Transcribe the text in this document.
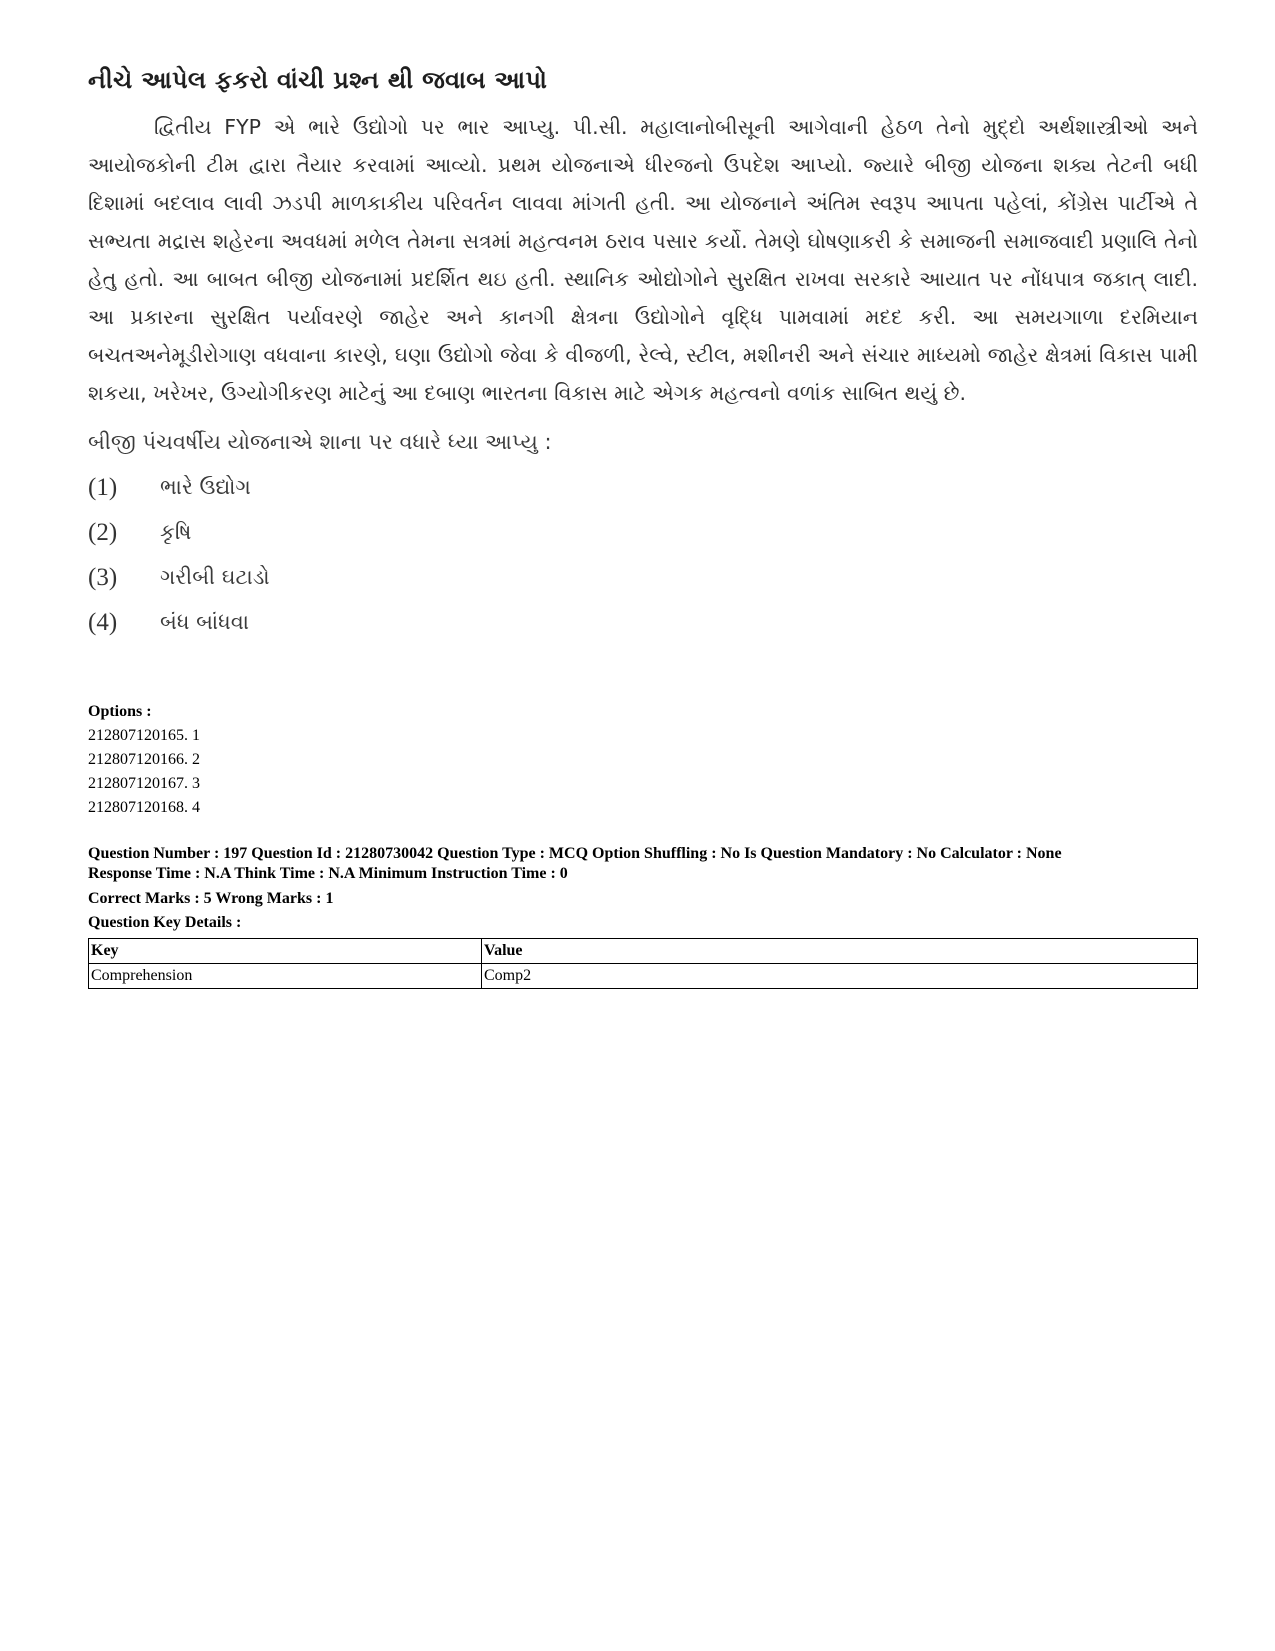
નીચે આપેલ ફકરો વાંચી પ્રશ્ન થી જવાબ આપો

દ્વિતીય FYP એ ભારે ઉદ્યોગો પર ભાર આપ્યુ. પી.સી. મહાલાનોબીસૂની આગેવાની હેઠળ તેનો મુદ્દો અર્થશાસ્ત્રીઓ અને આયોજકોની ટીમ દ્વારા તૈયાર કરવામાં આવ્યો. પ્રથમ યોજનાએ ધીરજનો ઉપદેશ આપ્યો. જ્યારે બીજી યોજના શક્ય તેટની બધી દિશામાં બદલાવ લાવી ઝડપી માળકાકીય પરિવર્તન લાવવા માંગતી હતી. આ યોજનાને અંતિમ સ્વરૂપ આપતા પહેલાં, કોંગ્રેસ પાર્ટીએ તે સભ્યતા મદ્રાસ શહેરના અવધમાં મળેલ તેમના સત્રમાં મહત્વનમ ઠરાવ પસાર કર્યો. તેમણે ઘોષણાકરી કે સમાજની સમાજવાદી પ્રણાલિ તેનો હેતુ હતો. આ બાબત બીજી યોજનામાં પ્રદર્શિત થઇ હતી. સ્થાનિક ઓદ્યોગોને સુરક્ષિત રાખવા સરકારે આયાત પર નોંધપાત્ર જકાત્ લાદી. આ પ્રકારના સુરક્ષિત પર્યાવરણે જાહેર અને કાનગી ક્ષેત્રના ઉદ્યોગોને વૃદ્ધિ પામવામાં મદદ કરી. આ સમયગાળા દરમિયાન બચતઅનેમૂડીરોગાણ વધવાના કારણે, ઘણા ઉદ્યોગો જેવા કે વીજળી, રેલ્વે, સ્ટીલ, મશીનરી અને સંચાર માધ્યમો જાહેર ક્ષેત્રમાં વિકાસ પામી શકયા, ખરેખર, ઉગ્યોગીકરણ માટેનું આ દબાણ ભારતના વિકાસ માટે એગક મહત્વનો વળાંક સાબિત થયું છે.

બીજી પંચવર્ષીય યોજનાએ શાના પર વધારે ધ્યા આપ્યુ :
(1)	ભારે ઉદ્યોગ
(2)	કૃષિ
(3)	ગરીબી ઘટાડો
(4)	બંધ બાંધવા
Options :
212807120165. 1
212807120166. 2
212807120167. 3
212807120168. 4
Question Number : 197 Question Id : 21280730042 Question Type : MCQ Option Shuffling : No Is Question Mandatory : No Calculator : None
Response Time : N.A Think Time : N.A Minimum Instruction Time : 0
Correct Marks : 5 Wrong Marks : 1
Question Key Details :
Key	Value
Comprehension	Comp2
